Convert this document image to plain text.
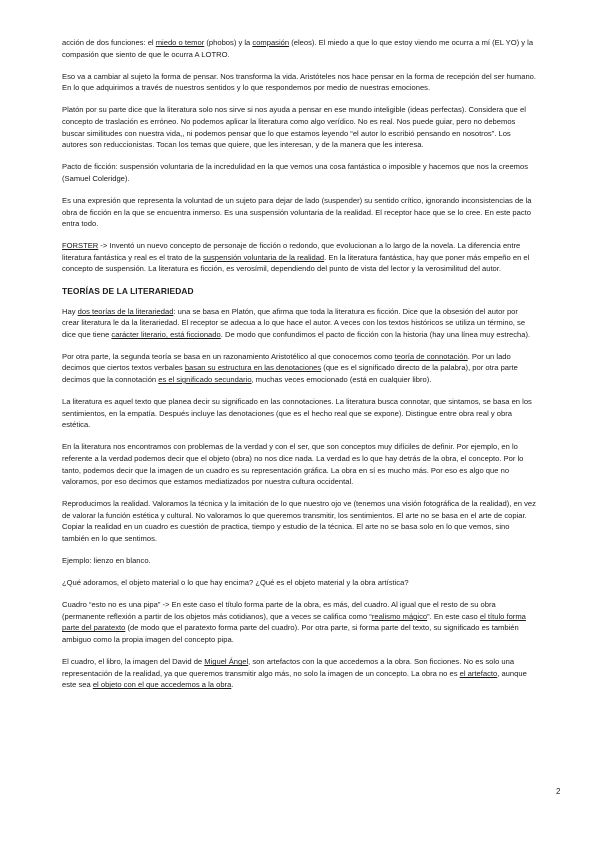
acción de dos funciones: el miedo o temor (phobos) y la compasión (eleos). El miedo a que lo que estoy viendo me ocurra a mí (EL YO) y la compasión que siento de que le ocurra A LOTRO.

Eso va a cambiar al sujeto la forma de pensar. Nos transforma la vida. Aristóteles nos hace pensar en la forma de recepción del ser humano. En lo que adquirimos a través de nuestros sentidos y lo que respondemos por medio de nuestras emociones.

Platón por su parte dice que la literatura solo nos sirve si nos ayuda a pensar en ese mundo inteligible (ideas perfectas). Considera que el concepto de traslación es erróneo. No podemos aplicar la literatura como algo verídico. No es real. Nos puede guiar, pero no debemos buscar similitudes con nuestra vida,, ni podemos pensar que lo que estamos leyendo “el autor lo escribió pensando en nosotros”. Los autores son reduccionistas. Tocan los temas que quiere, que les interesan, y de la manera que les interesa.

Pacto de ficción: suspensión voluntaria de la incredulidad en la que vemos una cosa fantástica o imposible y hacemos que nos la creemos (Samuel Coleridge).

Es una expresión que representa la voluntad de un sujeto para dejar de lado (suspender) su sentido crítico, ignorando inconsistencias de la obra de ficción en la que se encuentra inmerso. Es una suspensión voluntaria de la realidad. El receptor hace que se lo cree. En este pacto entra todo.

FORSTER -> Inventó un nuevo concepto de personaje de ficción o redondo, que evolucionan a lo largo de la novela. La diferencia entre literatura fantástica y real es el trato de la suspensión voluntaria de la realidad. En la literatura fantástica, hay que poner más empeño en el concepto de suspensión. La literatura es ficción, es verosímil, dependiendo del punto de vista del lector y la verosimilitud del autor.

TEORÍAS DE LA LITERARIEDAD

Hay dos teorías de la literariedad: una se basa en Platón, que afirma que toda la literatura es ficción. Dice que la obsesión del autor por crear literatura le da la literariedad. El receptor se adecua a lo que hace el autor. A veces con los textos históricos se utiliza un término, se dice que tiene carácter literario, está ficcionado. De modo que confundimos el pacto de ficción con la historia (hay una línea muy estrecha).

Por otra parte, la segunda teoría se basa en un razonamiento Aristotélico al que conocemos como teoría de connotación. Por un lado decimos que ciertos textos verbales basan su estructura en las denotaciones (que es el significado directo de la palabra), por otra parte decimos que la connotación es el significado secundario, muchas veces emocionado (está en cualquier libro).

La literatura es aquel texto que planea decir su significado en las connotaciones. La literatura busca connotar, que sintamos, se basa en los sentimientos, en la empatía. Después incluye las denotaciones (que es el hecho real que se expone). Distingue entre obra real y obra estética.

En la literatura nos encontramos con problemas de la verdad y con el ser, que son conceptos muy difíciles de definir. Por ejemplo, en lo referente a la verdad podemos decir que el objeto (obra) no nos dice nada. La verdad es lo que hay detrás de la obra, el concepto. Por lo tanto, podemos decir que la imagen de un cuadro es su representación gráfica. La obra en sí es mucho más. Por eso es algo que no valoramos, por eso decimos que estamos mediatizados por nuestra cultura occidental.

Reproducimos la realidad. Valoramos la técnica y la imitación de lo que nuestro ojo ve (tenemos una visión fotográfica de la realidad), en vez de valorar la función estética y cultural. No valoramos lo que queremos transmitir, los sentimientos. El arte no se basa en el arte de copiar. Copiar la realidad en un cuadro es cuestión de practica, tiempo y estudio de la técnica. El arte no se basa solo en lo que vemos, sino también en lo que sentimos.

Ejemplo: lienzo en blanco.

¿Qué adoramos, el objeto material o lo que hay encima? ¿Qué es el objeto material y la obra artística?

Cuadro “esto no es una pipa” -> En este caso el título forma parte de la obra, es más, del cuadro. Al igual que el resto de su obra (permanente reflexión a partir de los objetos más cotidianos), que a veces se califica como “realismo mágico”. En este caso el título forma parte del paratexto (de modo que el paratexto forma parte del cuadro). Por otra parte, si forma parte del texto, su significado es también ambiguo como la propia imagen del concepto pipa.

El cuadro, el libro, la imagen del David de Miguel Ángel, son artefactos con la que accedemos a la obra. Son ficciones. No es solo una representación de la realidad, ya que queremos transmitir algo más, no solo la imagen de un concepto. La obra no es el artefacto, aunque este sea el objeto con el que accedemos a la obra.

2
